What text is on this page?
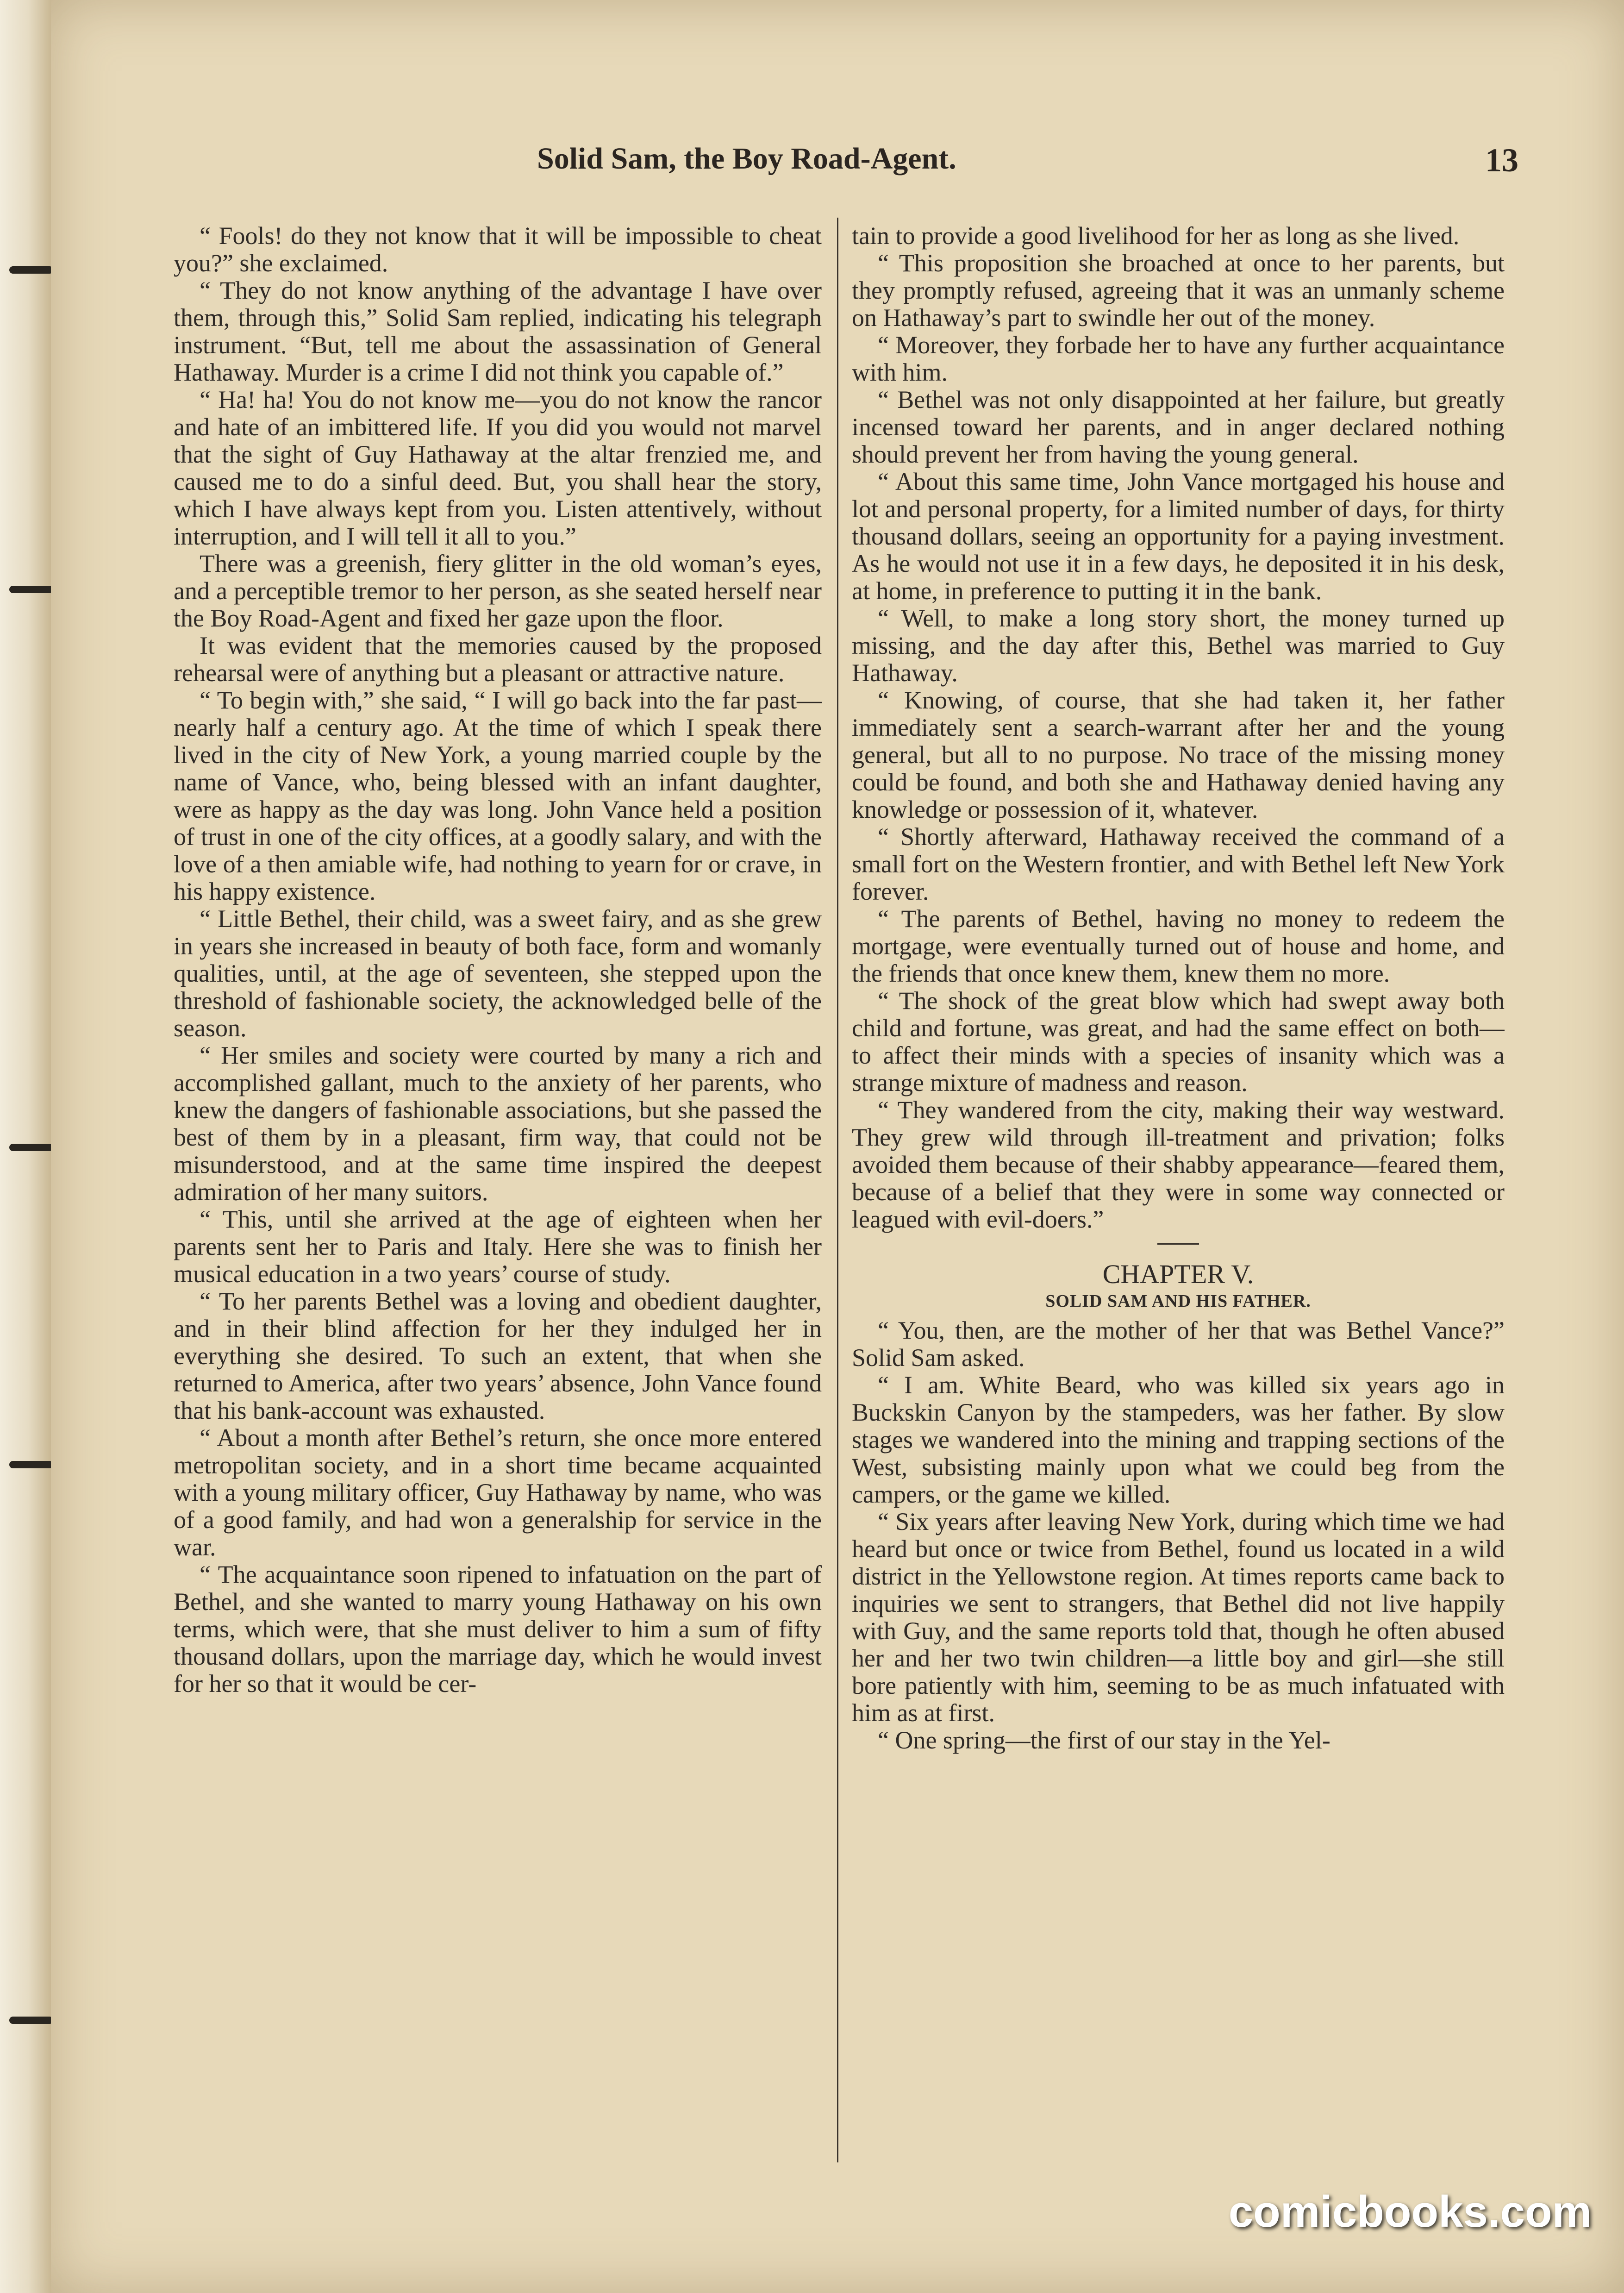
Solid Sam, the Boy Road-Agent.	13

“ Fools! do they not know that it will be impossible to cheat you?” she exclaimed.

“ They do not know anything of the advantage I have over them, through this,” Solid Sam replied, indicating his telegraph instrument. “But, tell me about the assassination of General Hathaway. Murder is a crime I did not think you capable of.”

“ Ha! ha! You do not know me—you do not know the rancor and hate of an imbittered life. If you did you would not marvel that the sight of Guy Hathaway at the altar frenzied me, and caused me to do a sinful deed. But, you shall hear the story, which I have always kept from you. Listen attentively, without interruption, and I will tell it all to you.”

There was a greenish, fiery glitter in the old woman’s eyes, and a perceptible tremor to her person, as she seated herself near the Boy Road-Agent and fixed her gaze upon the floor.

It was evident that the memories caused by the proposed rehearsal were of anything but a pleasant or attractive nature.

“ To begin with,” she said, “ I will go back into the far past—nearly half a century ago. At the time of which I speak there lived in the city of New York, a young married couple by the name of Vance, who, being blessed with an infant daughter, were as happy as the day was long. John Vance held a position of trust in one of the city offices, at a goodly salary, and with the love of a then amiable wife, had nothing to yearn for or crave, in his happy existence.

“ Little Bethel, their child, was a sweet fairy, and as she grew in years she increased in beauty of both face, form and womanly qualities, until, at the age of seventeen, she stepped upon the threshold of fashionable society, the acknowledged belle of the season.

“ Her smiles and society were courted by many a rich and accomplished gallant, much to the anxiety of her parents, who knew the dangers of fashionable associations, but she passed the best of them by in a pleasant, firm way, that could not be misunderstood, and at the same time inspired the deepest admiration of her many suitors.

“ This, until she arrived at the age of eighteen when her parents sent her to Paris and Italy. Here she was to finish her musical education in a two years’ course of study.

“ To her parents Bethel was a loving and obedient daughter, and in their blind affection for her they indulged her in everything she desired. To such an extent, that when she returned to America, after two years’ absence, John Vance found that his bank-account was exhausted.

“ About a month after Bethel’s return, she once more entered metropolitan society, and in a short time became acquainted with a young military officer, Guy Hathaway by name, who was of a good family, and had won a generalship for service in the war.

“ The acquaintance soon ripened to infatuation on the part of Bethel, and she wanted to marry young Hathaway on his own terms, which were, that she must deliver to him a sum of fifty thousand dollars, upon the marriage day, which he would invest for her so that it would be cer-

tain to provide a good livelihood for her as long as she lived.

“ This proposition she broached at once to her parents, but they promptly refused, agreeing that it was an unmanly scheme on Hathaway’s part to swindle her out of the money.

“ Moreover, they forbade her to have any further acquaintance with him.

“ Bethel was not only disappointed at her failure, but greatly incensed toward her parents, and in anger declared nothing should prevent her from having the young general.

“ About this same time, John Vance mortgaged his house and lot and personal property, for a limited number of days, for thirty thousand dollars, seeing an opportunity for a paying investment. As he would not use it in a few days, he deposited it in his desk, at home, in preference to putting it in the bank.

“ Well, to make a long story short, the money turned up missing, and the day after this, Bethel was married to Guy Hathaway.

“ Knowing, of course, that she had taken it, her father immediately sent a search-warrant after her and the young general, but all to no purpose. No trace of the missing money could be found, and both she and Hathaway denied having any knowledge or possession of it, whatever.

“ Shortly afterward, Hathaway received the command of a small fort on the Western frontier, and with Bethel left New York forever.

“ The parents of Bethel, having no money to redeem the mortgage, were eventually turned out of house and home, and the friends that once knew them, knew them no more.

“ The shock of the great blow which had swept away both child and fortune, was great, and had the same effect on both—to affect their minds with a species of insanity which was a strange mixture of madness and reason.

“ They wandered from the city, making their way westward. They grew wild through ill-treatment and privation; folks avoided them because of their shabby appearance—feared them, because of a belief that they were in some way connected or leagued with evil-doers.”

CHAPTER V.

SOLID SAM AND HIS FATHER.

“ You, then, are the mother of her that was Bethel Vance?” Solid Sam asked.

“ I am. White Beard, who was killed six years ago in Buckskin Canyon by the stampeders, was her father. By slow stages we wandered into the mining and trapping sections of the West, subsisting mainly upon what we could beg from the campers, or the game we killed.

“ Six years after leaving New York, during which time we had heard but once or twice from Bethel, found us located in a wild district in the Yellowstone region. At times reports came back to inquiries we sent to strangers, that Bethel did not live happily with Guy, and the same reports told that, though he often abused her and her two twin children—a little boy and girl—she still bore patiently with him, seeming to be as much infatuated with him as at first.

“ One spring—the first of our stay in the Yel-

comicbooks.com
